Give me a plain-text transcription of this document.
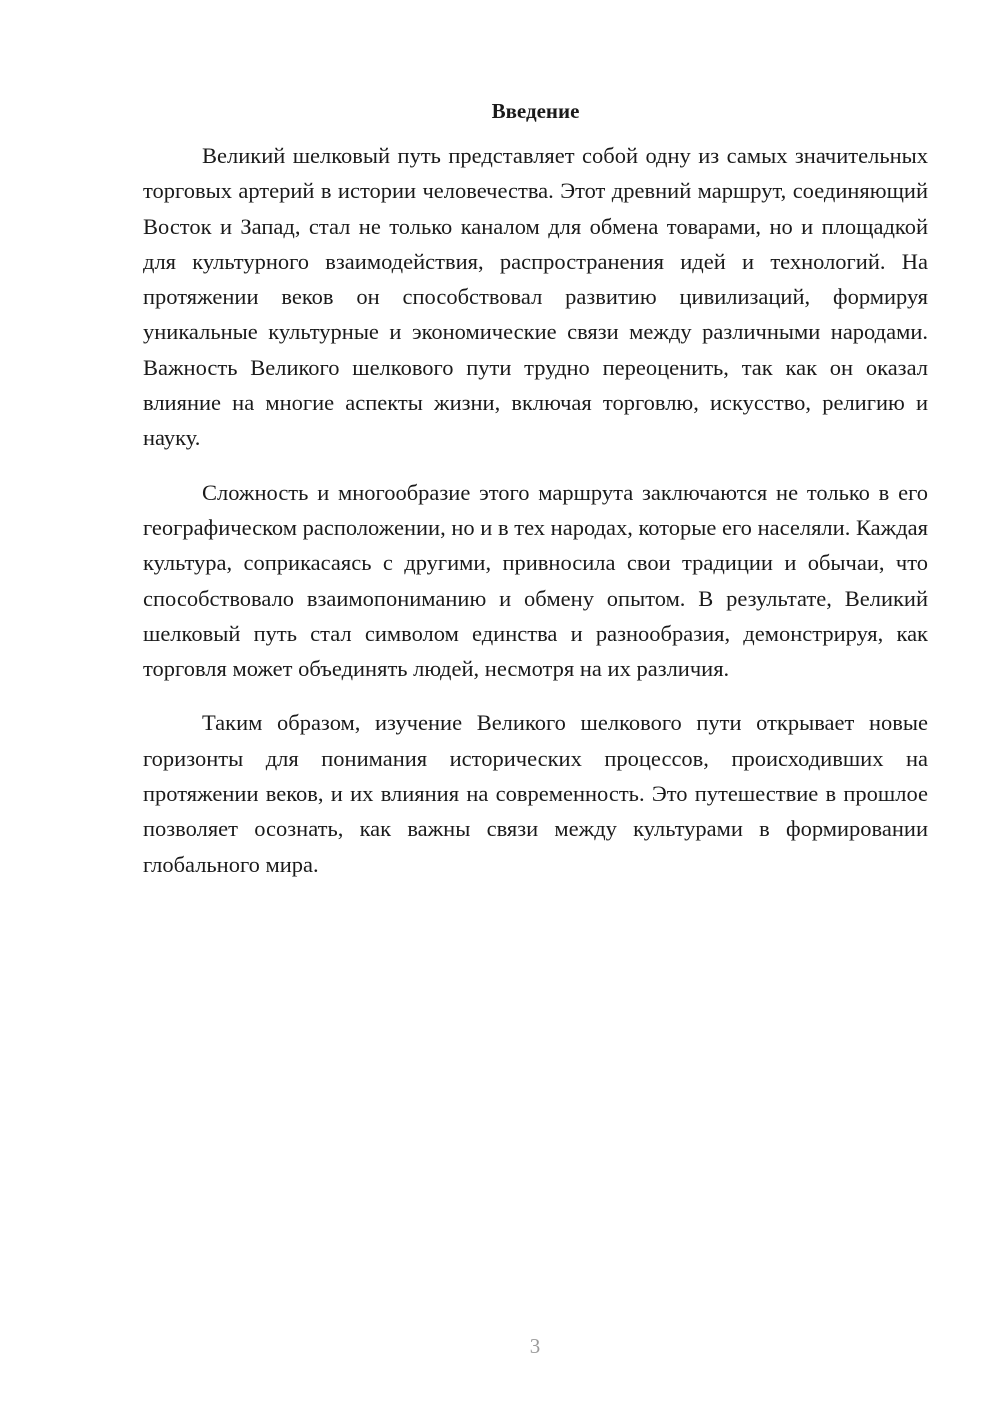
Введение

Великий шелковый путь представляет собой одну из самых значительных торговых артерий в истории человечества. Этот древний маршрут, соединяющий Восток и Запад, стал не только каналом для обмена товарами, но и площадкой для культурного взаимодействия, распространения идей и технологий. На протяжении веков он способствовал развитию цивилизаций, формируя уникальные культурные и экономические связи между различными народами. Важность Великого шелкового пути трудно переоценить, так как он оказал влияние на многие аспекты жизни, включая торговлю, искусство, религию и науку.

Сложность и многообразие этого маршрута заключаются не только в его географическом расположении, но и в тех народах, которые его населяли. Каждая культура, соприкасаясь с другими, привносила свои традиции и обычаи, что способствовало взаимопониманию и обмену опытом. В результате, Великий шелковый путь стал символом единства и разнообразия, демонстрируя, как торговля может объединять людей, несмотря на их различия.

Таким образом, изучение Великого шелкового пути открывает новые горизонты для понимания исторических процессов, происходивших на протяжении веков, и их влияния на современность. Это путешествие в прошлое позволяет осознать, как важны связи между культурами в формировании глобального мира.

3
